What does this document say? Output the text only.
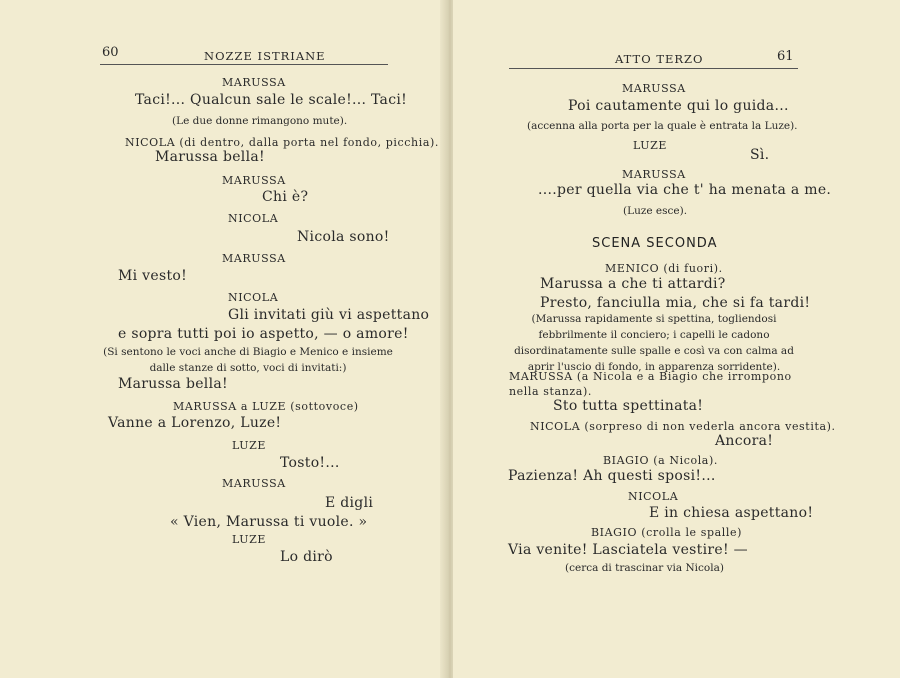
60	NOZZE ISTRIANE
MARUSSA
Taci!... Qualcun sale le scale!... Taci!
(Le due donne rimangono mute).
NICOLA (di dentro, dalla porta nel fondo, picchia).
Marussa bella!
MARUSSA
Chi è?
NICOLA
Nicola sono!
MARUSSA
Mi vesto!
NICOLA
Gli invitati giù vi aspettano
e sopra tutti poi io aspetto, — o amore!
(Si sentono le voci anche di Biagio e Menico e insieme dalle stanze di sotto, voci di invitati:)
Marussa bella!
MARUSSA a LUZE (sottovoce)
Vanne a Lorenzo, Luze!
LUZE
Tosto!...
MARUSSA
E digli
« Vien, Marussa ti vuole. »
LUZE
Lo dirò
ATTO TERZO	61
MARUSSA
Poi cautamente qui lo guida...
(accenna alla porta per la quale è entrata la Luze).
LUZE
Sì.
MARUSSA
....per quella via che t' ha menata a me.
(Luze esce).
SCENA SECONDA
MENICO (di fuori).
Marussa a che ti attardi?
Presto, fanciulla mia, che si fa tardi!
(Marussa rapidamente si spettina, togliendosi febbrilmente il conciero; i capelli le cadono disordinatamente sulle spalle e così va con calma ad aprir l'uscio di fondo, in apparenza sorridente).
MARUSSA (a Nicola e a Biagio che irrompono nella stanza).
Sto tutta spettinata!
NICOLA (sorpreso di non vederla ancora vestita).
Ancora!
BIAGIO (a Nicola).
Pazienza! Ah questi sposi!...
NICOLA
E in chiesa aspettano!
BIAGIO (crolla le spalle)
Via venite! Lasciatela vestire! —
(cerca di trascinar via Nicola)
